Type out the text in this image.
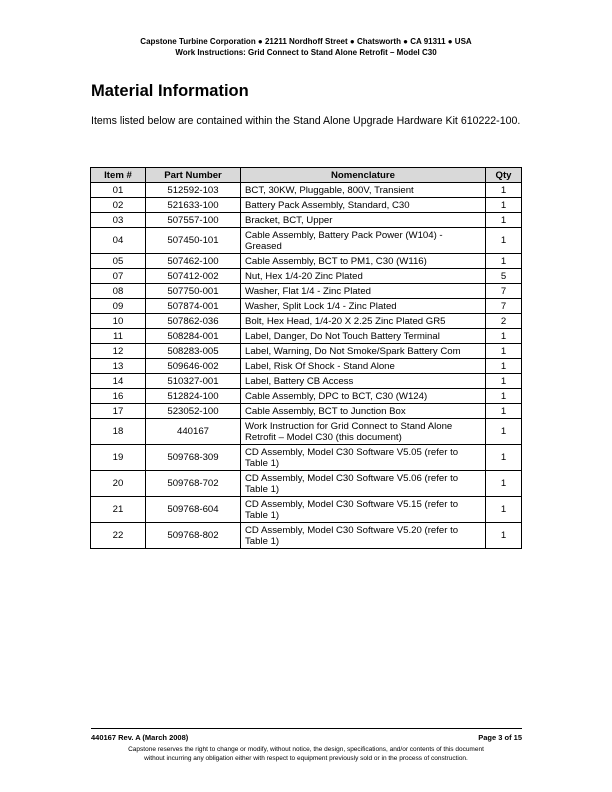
Capstone Turbine Corporation ● 21211 Nordhoff Street ● Chatsworth ● CA 91311 ● USA
Work Instructions: Grid Connect to Stand Alone Retrofit – Model C30
Material Information

Items listed below are contained within the Stand Alone Upgrade Hardware Kit 610222-100.

Item #	Part Number	Nomenclature	Qty
01	512592-103	BCT, 30KW, Pluggable, 800V, Transient	1
02	521633-100	Battery Pack Assembly, Standard, C30	1
03	507557-100	Bracket, BCT, Upper	1
04	507450-101	Cable Assembly, Battery Pack Power (W104) - Greased	1
05	507462-100	Cable Assembly, BCT to PM1, C30 (W116)	1
07	507412-002	Nut, Hex 1/4-20 Zinc Plated	5
08	507750-001	Washer, Flat 1/4 - Zinc Plated	7
09	507874-001	Washer, Split Lock 1/4 - Zinc Plated	7
10	507862-036	Bolt, Hex Head, 1/4-20 X 2.25 Zinc Plated GR5	2
11	508284-001	Label, Danger, Do Not Touch Battery Terminal	1
12	508283-005	Label, Warning, Do Not Smoke/Spark Battery Com	1
13	509646-002	Label, Risk Of Shock - Stand Alone	1
14	510327-001	Label, Battery CB Access	1
16	512824-100	Cable Assembly, DPC to BCT, C30 (W124)	1
17	523052-100	Cable Assembly, BCT to Junction Box	1
18	440167	Work Instruction for Grid Connect to Stand Alone Retrofit – Model C30 (this document)	1
19	509768-309	CD Assembly, Model C30 Software V5.05 (refer to Table 1)	1
20	509768-702	CD Assembly, Model C30 Software V5.06 (refer to Table 1)	1
21	509768-604	CD Assembly, Model C30 Software V5.15 (refer to Table 1)	1
22	509768-802	CD Assembly, Model C30 Software V5.20 (refer to Table 1)	1
440167 Rev. A (March 2008)	Page 3 of 15
Capstone reserves the right to change or modify, without notice, the design, specifications, and/or contents of this document
without incurring any obligation either with respect to equipment previously sold or in the process of construction.
